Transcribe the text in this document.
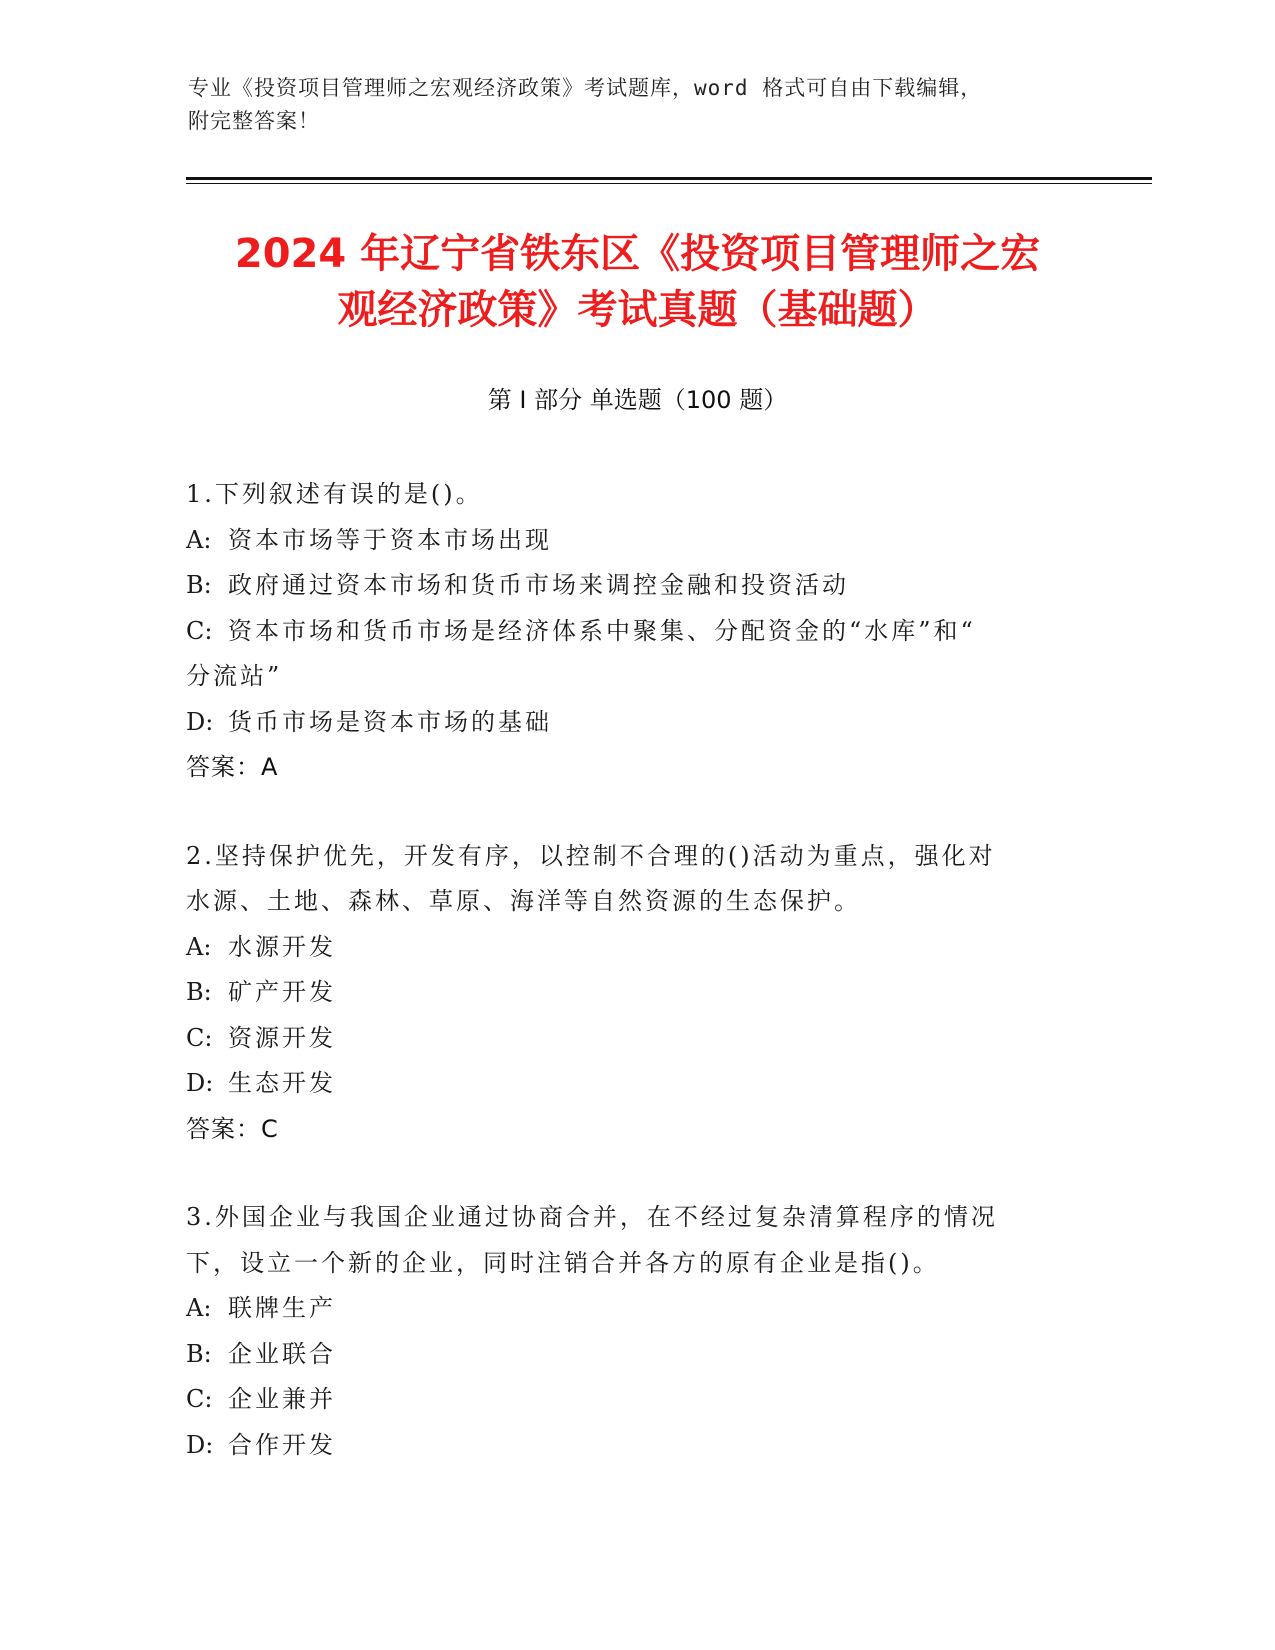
专业《投资项目管理师之宏观经济政策》考试题库，word 格式可自由下载编辑，
附完整答案！
2024 年辽宁省铁东区《投资项目管理师之宏
观经济政策》考试真题（基础题）
第 I 部分 单选题（100 题）
1.下列叙述有误的是()。
A: 资本市场等于资本市场出现
B: 政府通过资本市场和货币市场来调控金融和投资活动
C: 资本市场和货币市场是经济体系中聚集、分配资金的“水库”和“
分流站”
D: 货币市场是资本市场的基础
答案：A
2.坚持保护优先，开发有序，以控制不合理的()活动为重点，强化对
水源、土地、森林、草原、海洋等自然资源的生态保护。
A: 水源开发
B: 矿产开发
C: 资源开发
D: 生态开发
答案：C
3.外国企业与我国企业通过协商合并，在不经过复杂清算程序的情况
下，设立一个新的企业，同时注销合并各方的原有企业是指()。
A: 联牌生产
B: 企业联合
C: 企业兼并
D: 合作开发
